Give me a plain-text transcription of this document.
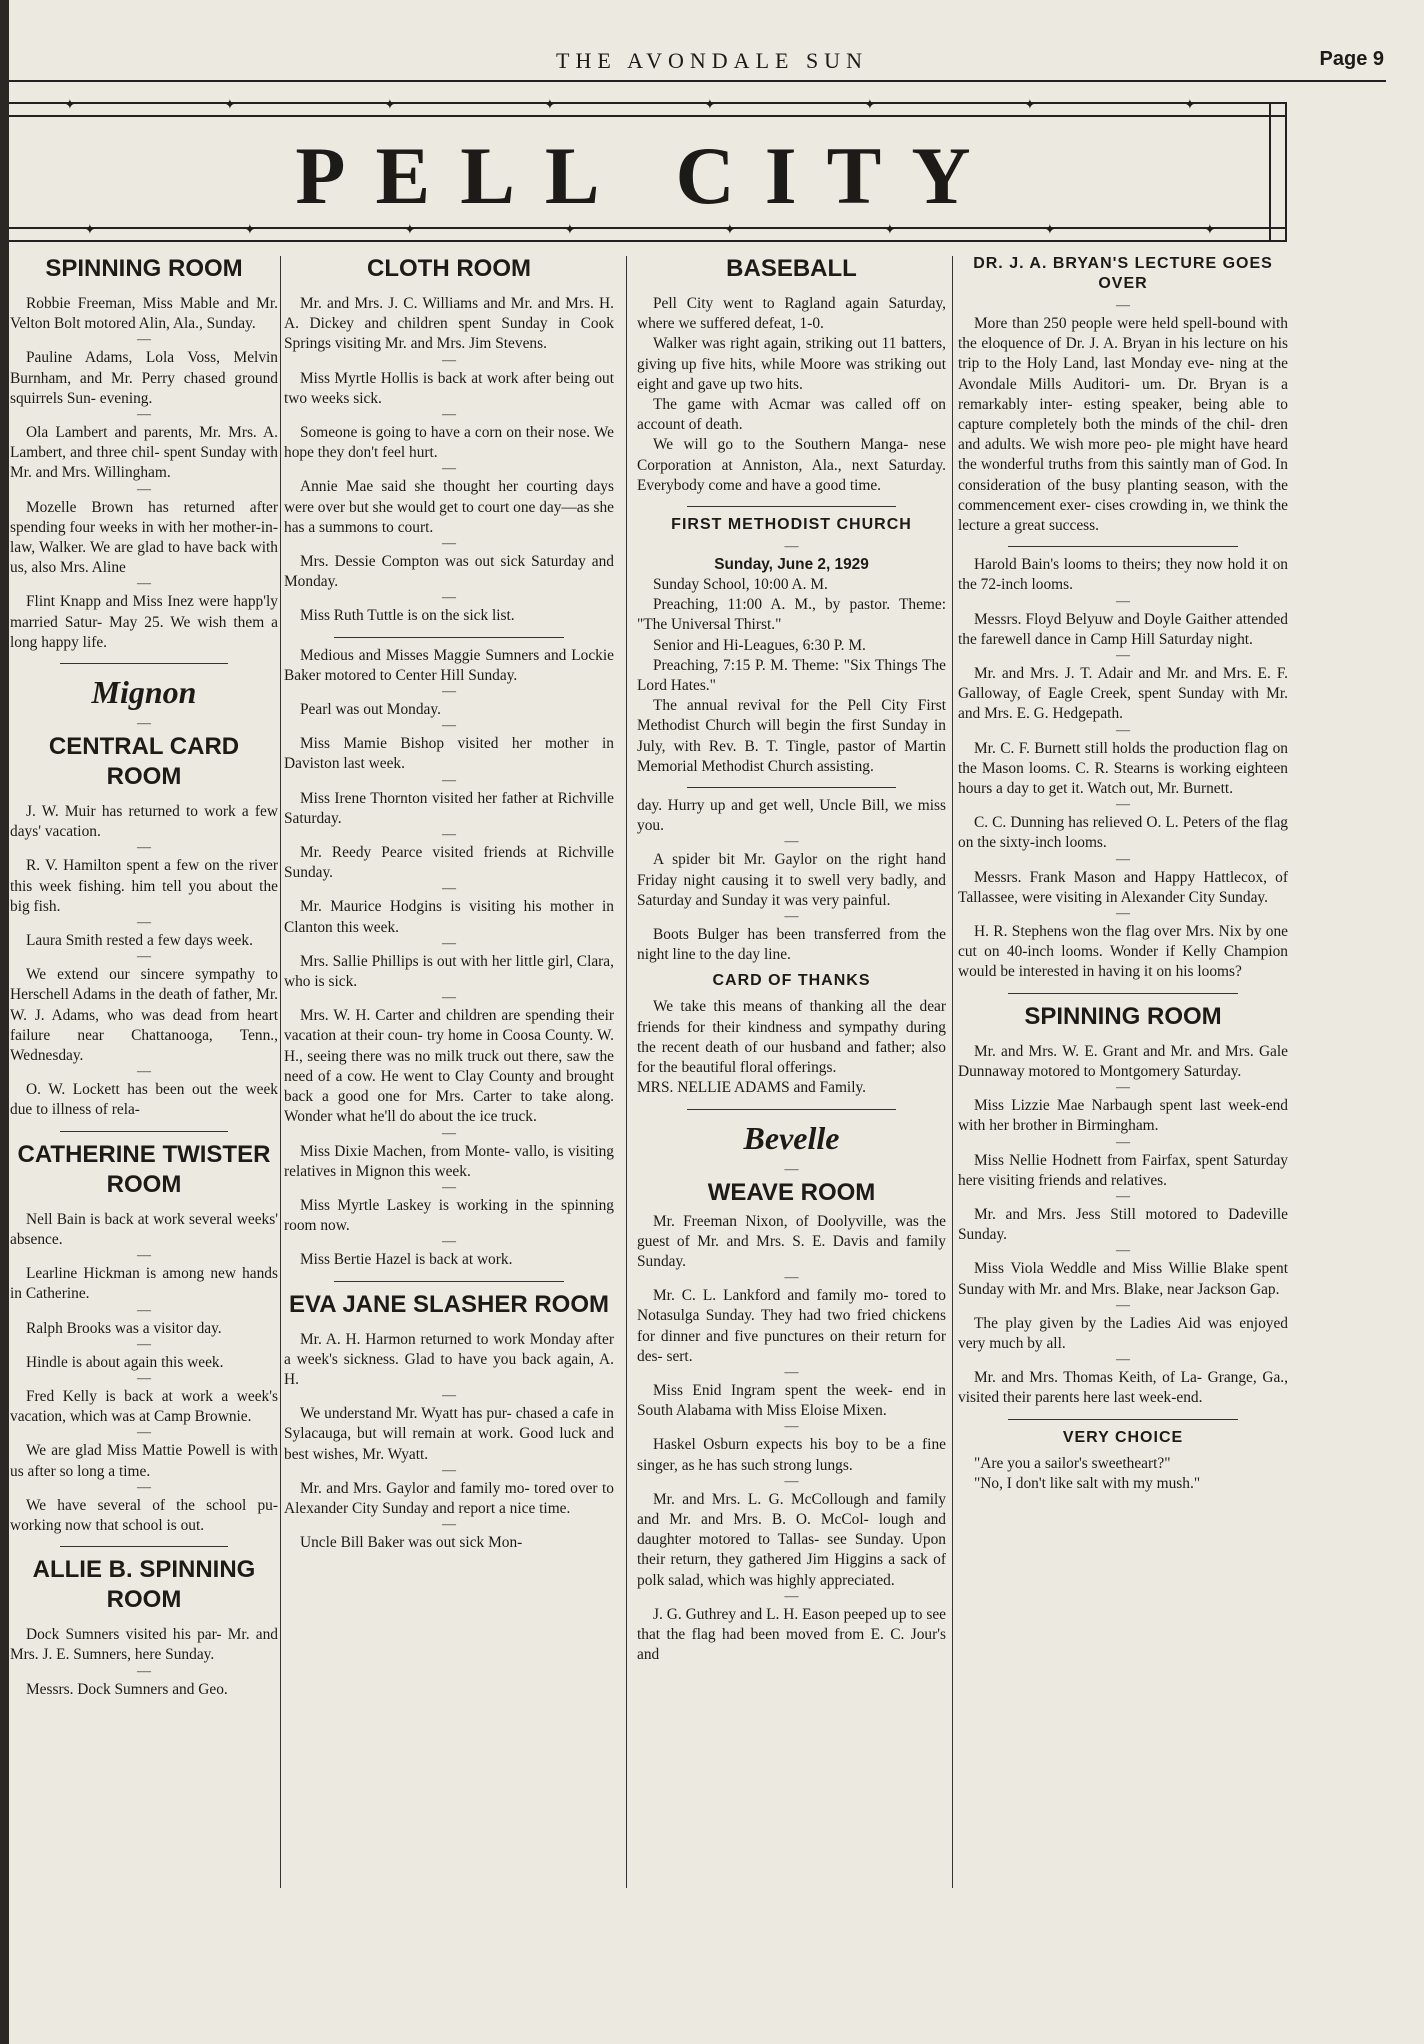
THE AVONDALE SUN	Page 9
✦	✦	✦	✦	✦	✦	✦	✦
PELL CITY
✦	✦	✦	✦	✦	✦	✦	✦
SPINNING ROOM

Robbie Freeman, Miss Mable and Mr. Velton Bolt motored Alin, Ala., Sunday.

—

Pauline Adams, Lola Voss, Melvin Burnham, and Mr. Perry chased ground squirrels Sun- evening.

—

Ola Lambert and parents, Mr. Mrs. A. Lambert, and three chil- spent Sunday with Mr. and Mrs. Willingham.

—

Mozelle Brown has returned after spending four weeks in with her mother-in-law, Walker. We are glad to have back with us, also Mrs. Aline

—

Flint Knapp and Miss Inez were happ'ly married Satur- May 25. We wish them a long happy life.

Mignon
—
CENTRAL CARD ROOM

J. W. Muir has returned to work a few days' vacation.

—

R. V. Hamilton spent a few on the river this week fishing. him tell you about the big fish.

—

Laura Smith rested a few days week.

—

We extend our sincere sympathy to Herschell Adams in the death of father, Mr. W. J. Adams, who was dead from heart failure near Chattanooga, Tenn., Wednesday.

—

O. W. Lockett has been out the week due to illness of rela-

CATHERINE TWISTER ROOM

Nell Bain is back at work several weeks' absence.

—

Learline Hickman is among new hands in Catherine.

—

Ralph Brooks was a visitor day.

—

Hindle is about again this week.

—

Fred Kelly is back at work a week's vacation, which was at Camp Brownie.

—

We are glad Miss Mattie Powell is with us after so long a time.

—

We have several of the school pu- working now that school is out.

ALLIE B. SPINNING ROOM

Dock Sumners visited his par- Mr. and Mrs. J. E. Sumners, here Sunday.

—

Messrs. Dock Sumners and Geo.

CLOTH ROOM

Mr. and Mrs. J. C. Williams and Mr. and Mrs. H. A. Dickey and children spent Sunday in Cook Springs visiting Mr. and Mrs. Jim Stevens.

—

Miss Myrtle Hollis is back at work after being out two weeks sick.

—

Someone is going to have a corn on their nose. We hope they don't feel hurt.

—

Annie Mae said she thought her courting days were over but she would get to court one day—as she has a summons to court.

—

Mrs. Dessie Compton was out sick Saturday and Monday.

—

Miss Ruth Tuttle is on the sick list.

Medious and Misses Maggie Sumners and Lockie Baker motored to Center Hill Sunday.

—

Pearl was out Monday.

—

Miss Mamie Bishop visited her mother in Daviston last week.

—

Miss Irene Thornton visited her father at Richville Saturday.

—

Mr. Reedy Pearce visited friends at Richville Sunday.

—

Mr. Maurice Hodgins is visiting his mother in Clanton this week.

—

Mrs. Sallie Phillips is out with her little girl, Clara, who is sick.

—

Mrs. W. H. Carter and children are spending their vacation at their coun- try home in Coosa County. W. H., seeing there was no milk truck out there, saw the need of a cow. He went to Clay County and brought back a good one for Mrs. Carter to take along. Wonder what he'll do about the ice truck.

—

Miss Dixie Machen, from Monte- vallo, is visiting relatives in Mignon this week.

—

Miss Myrtle Laskey is working in the spinning room now.

—

Miss Bertie Hazel is back at work.

EVA JANE SLASHER ROOM

Mr. A. H. Harmon returned to work Monday after a week's sickness. Glad to have you back again, A. H.

—

We understand Mr. Wyatt has pur- chased a cafe in Sylacauga, but will remain at work. Good luck and best wishes, Mr. Wyatt.

—

Mr. and Mrs. Gaylor and family mo- tored over to Alexander City Sunday and report a nice time.

—

Uncle Bill Baker was out sick Mon-

BASEBALL

Pell City went to Ragland again Saturday, where we suffered defeat, 1-0.

Walker was right again, striking out 11 batters, giving up five hits, while Moore was striking out eight and gave up two hits.

The game with Acmar was called off on account of death.

We will go to the Southern Manga- nese Corporation at Anniston, Ala., next Saturday. Everybody come and have a good time.

FIRST METHODIST CHURCH
—
Sunday, June 2, 1929

Sunday School, 10:00 A. M.

Preaching, 11:00 A. M., by pastor. Theme: "The Universal Thirst."

Senior and Hi-Leagues, 6:30 P. M.

Preaching, 7:15 P. M. Theme: "Six Things The Lord Hates."

The annual revival for the Pell City First Methodist Church will begin the first Sunday in July, with Rev. B. T. Tingle, pastor of Martin Memorial Methodist Church assisting.

day. Hurry up and get well, Uncle Bill, we miss you.

—

A spider bit Mr. Gaylor on the right hand Friday night causing it to swell very badly, and Saturday and Sunday it was very painful.

—

Boots Bulger has been transferred from the night line to the day line.

CARD OF THANKS

We take this means of thanking all the dear friends for their kindness and sympathy during the recent death of our husband and father; also for the beautiful floral offerings.

MRS. NELLIE ADAMS and Family.

Bevelle
—
WEAVE ROOM

Mr. Freeman Nixon, of Doolyville, was the guest of Mr. and Mrs. S. E. Davis and family Sunday.

—

Mr. C. L. Lankford and family mo- tored to Notasulga Sunday. They had two fried chickens for dinner and five punctures on their return for des- sert.

—

Miss Enid Ingram spent the week- end in South Alabama with Miss Eloise Mixen.

—

Haskel Osburn expects his boy to be a fine singer, as he has such strong lungs.

—

Mr. and Mrs. L. G. McCollough and family and Mr. and Mrs. B. O. McCol- lough and daughter motored to Tallas- see Sunday. Upon their return, they gathered Jim Higgins a sack of polk salad, which was highly appreciated.

—

J. G. Guthrey and L. H. Eason peeped up to see that the flag had been moved from E. C. Jour's and

DR. J. A. BRYAN'S LECTURE GOES OVER
—

More than 250 people were held spell-bound with the eloquence of Dr. J. A. Bryan in his lecture on his trip to the Holy Land, last Monday eve- ning at the Avondale Mills Auditori- um. Dr. Bryan is a remarkably inter- esting speaker, being able to capture completely both the minds of the chil- dren and adults. We wish more peo- ple might have heard the wonderful truths from this saintly man of God. In consideration of the busy planting season, with the commencement exer- cises crowding in, we think the lecture a great success.

Harold Bain's looms to theirs; they now hold it on the 72-inch looms.

—

Messrs. Floyd Belyuw and Doyle Gaither attended the farewell dance in Camp Hill Saturday night.

—

Mr. and Mrs. J. T. Adair and Mr. and Mrs. E. F. Galloway, of Eagle Creek, spent Sunday with Mr. and Mrs. E. G. Hedgepath.

—

Mr. C. F. Burnett still holds the production flag on the Mason looms. C. R. Stearns is working eighteen hours a day to get it. Watch out, Mr. Burnett.

—

C. C. Dunning has relieved O. L. Peters of the flag on the sixty-inch looms.

—

Messrs. Frank Mason and Happy Hattlecox, of Tallassee, were visiting in Alexander City Sunday.

—

H. R. Stephens won the flag over Mrs. Nix by one cut on 40-inch looms. Wonder if Kelly Champion would be interested in having it on his looms?

SPINNING ROOM

Mr. and Mrs. W. E. Grant and Mr. and Mrs. Gale Dunnaway motored to Montgomery Saturday.

—

Miss Lizzie Mae Narbaugh spent last week-end with her brother in Birmingham.

—

Miss Nellie Hodnett from Fairfax, spent Saturday here visiting friends and relatives.

—

Mr. and Mrs. Jess Still motored to Dadeville Sunday.

—

Miss Viola Weddle and Miss Willie Blake spent Sunday with Mr. and Mrs. Blake, near Jackson Gap.

—

The play given by the Ladies Aid was enjoyed very much by all.

—

Mr. and Mrs. Thomas Keith, of La- Grange, Ga., visited their parents here last week-end.

VERY CHOICE

"Are you a sailor's sweetheart?"

"No, I don't like salt with my mush."
